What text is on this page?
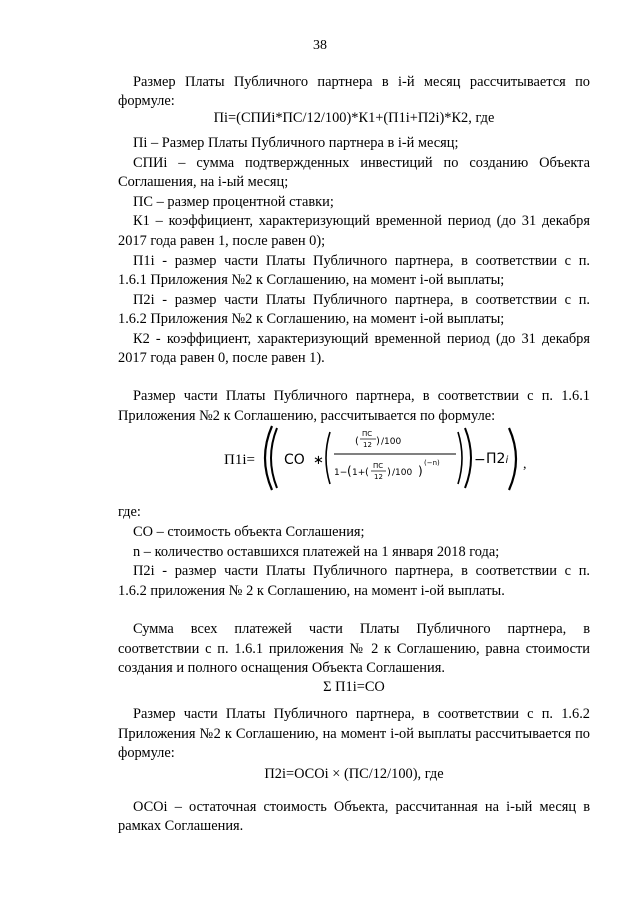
38
Размер Платы Публичного партнера в i-й месяц рассчитывается по
формуле:
Пi=(СПИi*ПС/12/100)*К1+(П1i+П2i)*К2, где
Пi – Размер Платы Публичного партнера в i-й месяц;
СПИi – сумма подтвержденных инвестиций по созданию Объекта
Соглашения, на i-ый месяц;
ПС – размер процентной ставки;
К1 – коэффициент, характеризующий временной период (до 31 декабря
2017 года равен 1, после равен 0);
П1i - размер части Платы Публичного партнера, в соответствии с п.
1.6.1 Приложения №2 к Соглашению, на момент i-ой выплаты;
П2i - размер части Платы Публичного партнера, в соответствии с п.
1.6.2 Приложения №2 к Соглашению, на момент i-ой выплаты;
К2 - коэффициент, характеризующий временной период (до 31 декабря
2017 года равен 0, после равен 1).
Размер части Платы Публичного партнера, в соответствии с п. 1.6.1
Приложения №2 к Соглашению, рассчитывается по формуле:
П1i= СО ∗
ПС
12
( ) /100
1− ( 1+ (
ПС
12 ) /100 )
(−n) − П2i ,
где:
СО – стоимость объекта Соглашения;
n – количество оставшихся платежей на 1 января 2018 года;
П2i - размер части Платы Публичного партнера, в соответствии с п.
1.6.2 приложения № 2 к Соглашению, на момент i-ой выплаты.
Сумма всех платежей части Платы Публичного партнера, в
соответствии с п. 1.6.1 приложения № 2 к Соглашению, равна стоимости
создания и полного оснащения Объекта Соглашения.
Σ П1i=СО
Размер части Платы Публичного партнера, в соответствии с п. 1.6.2
Приложения №2 к Соглашению, на момент i-ой выплаты рассчитывается по
формуле:
П2i=ОСОi × (ПС/12/100), где
ОСОi – остаточная стоимость Объекта, рассчитанная на i-ый месяц в
рамках Соглашения.
